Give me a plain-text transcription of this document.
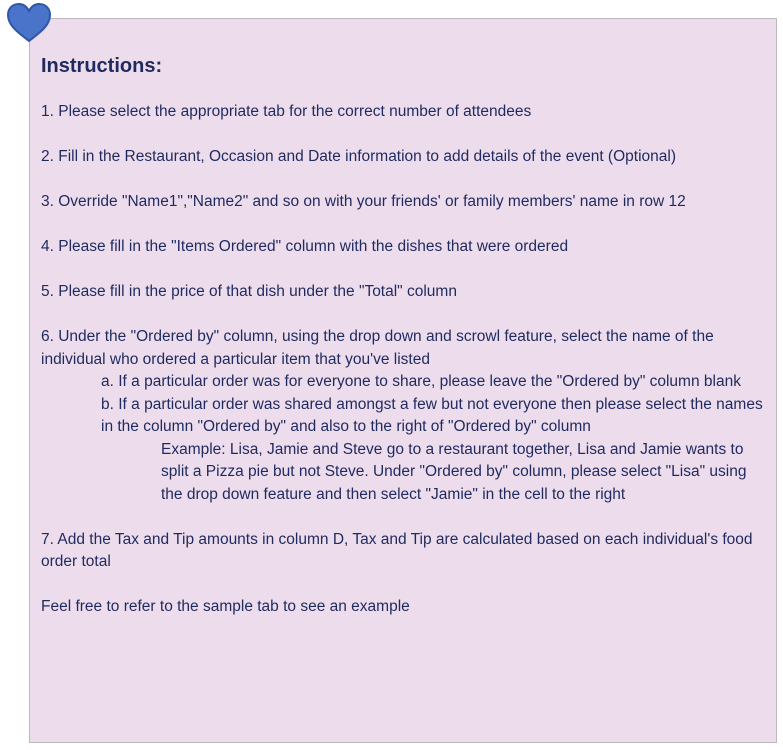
Instructions:
1. Please select the appropriate tab for the correct number of attendees
2. Fill in the Restaurant, Occasion and Date information to add details of the event (Optional)
3. Override "Name1","Name2" and so on with your friends' or family members' name in row 12
4. Please fill in the "Items Ordered" column with the dishes that were ordered
5. Please fill in the price of that dish under the "Total" column
6. Under the "Ordered by" column, using the drop down and scrowl feature, select the name of the individual who ordered a particular item that you've listed
a. If a particular order was for everyone to share, please leave the "Ordered by" column blank
b. If a particular order was shared amongst a few but not everyone then please select the names in the column "Ordered by" and also to the right of "Ordered by" column
Example: Lisa, Jamie and Steve go to a restaurant together, Lisa and Jamie wants to split a Pizza pie but not Steve. Under "Ordered by" column, please select "Lisa" using the drop down feature and then select "Jamie" in the cell to the right
7. Add the Tax and Tip amounts in column D, Tax and Tip are calculated based on each individual's food order total
Feel free to refer to the sample tab to see an example
